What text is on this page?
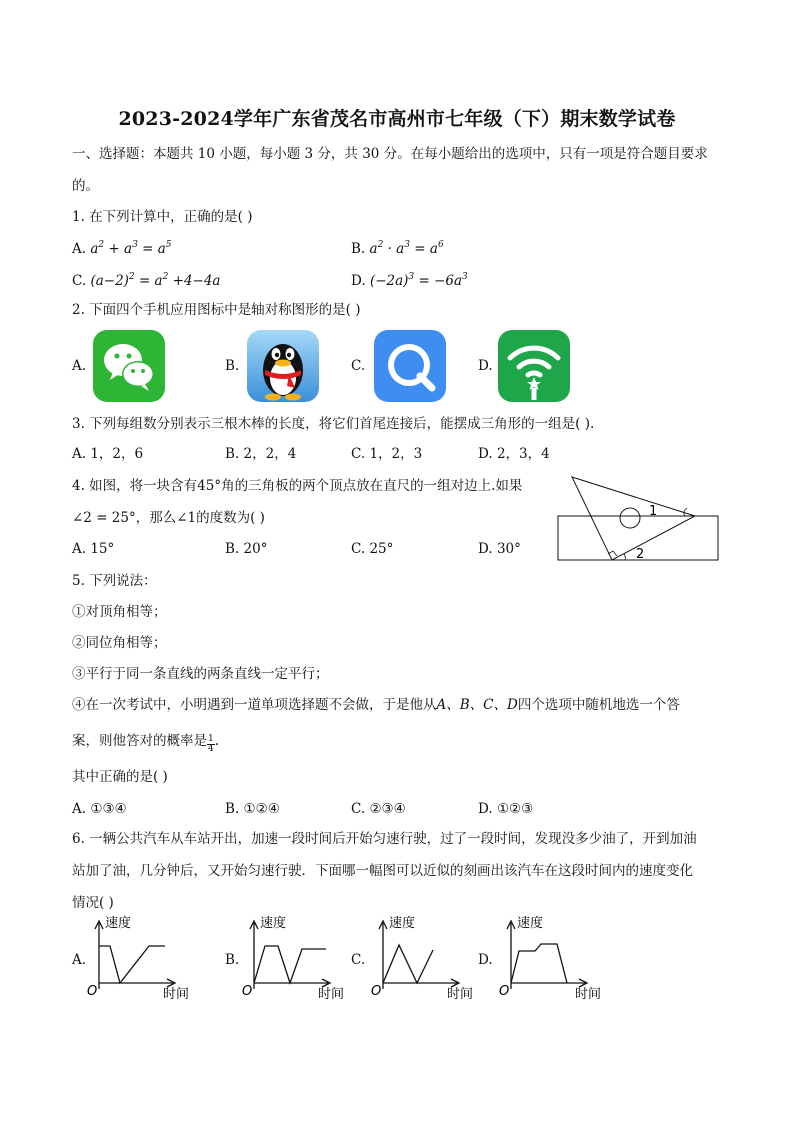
2023-2024学年广东省茂名市高州市七年级（下）期末数学试卷
一、选择题：本题共 10 小题，每小题 3 分，共 30 分。在每小题给出的选项中，只有一项是符合题目要求
的。
1. 在下列计算中，正确的是( )
A. $a^2 + a^3 = a^5$	B. $a^2 \cdot a^3 = a^6$
C. $(a-2)^2 = a^2 +4-4a$	D. $(-2a)^3 = -6a^3$
2. 下面四个手机应用图标中是轴对称图形的是( )
A.	B.	C.	D.
3. 下列每组数分别表示三根木棒的长度，将它们首尾连接后，能摆成三角形的一组是( ).
A. 1，2，6	B. 2，2，4	C. 1，2，3	D. 2，3，4
4. 如图，将一块含有45°角的三角板的两个顶点放在直尺的一组对边上.如果
∠2 = 25°，那么∠1的度数为( )
A. 15°	B. 20°	C. 25°	D. 30°
1
2
5. 下列说法：
①对顶角相等；
②同位角相等；
③平行于同一条直线的两条直线一定平行；
④在一次考试中，小明遇到一道单项选择题不会做，于是他从A、B、C、D四个选项中随机地选一个答
案，则他答对的概率是 $\frac{1}{4}$ .
其中正确的是( )
A. ①③④	B. ①②④	C. ②③④	D. ①②③
6. 一辆公共汽车从车站开出，加速一段时间后开始匀速行驶，过了一段时间，发现没多少油了，开到加油
站加了油，几分钟后，又开始匀速行驶．下面哪一幅图可以近似的刻画出该汽车在这段时间内的速度变化
情况( )
A.
速度
O	时间
B.
速度
O	时间
C.
速度
O	时间
D.
速度
O	时间
